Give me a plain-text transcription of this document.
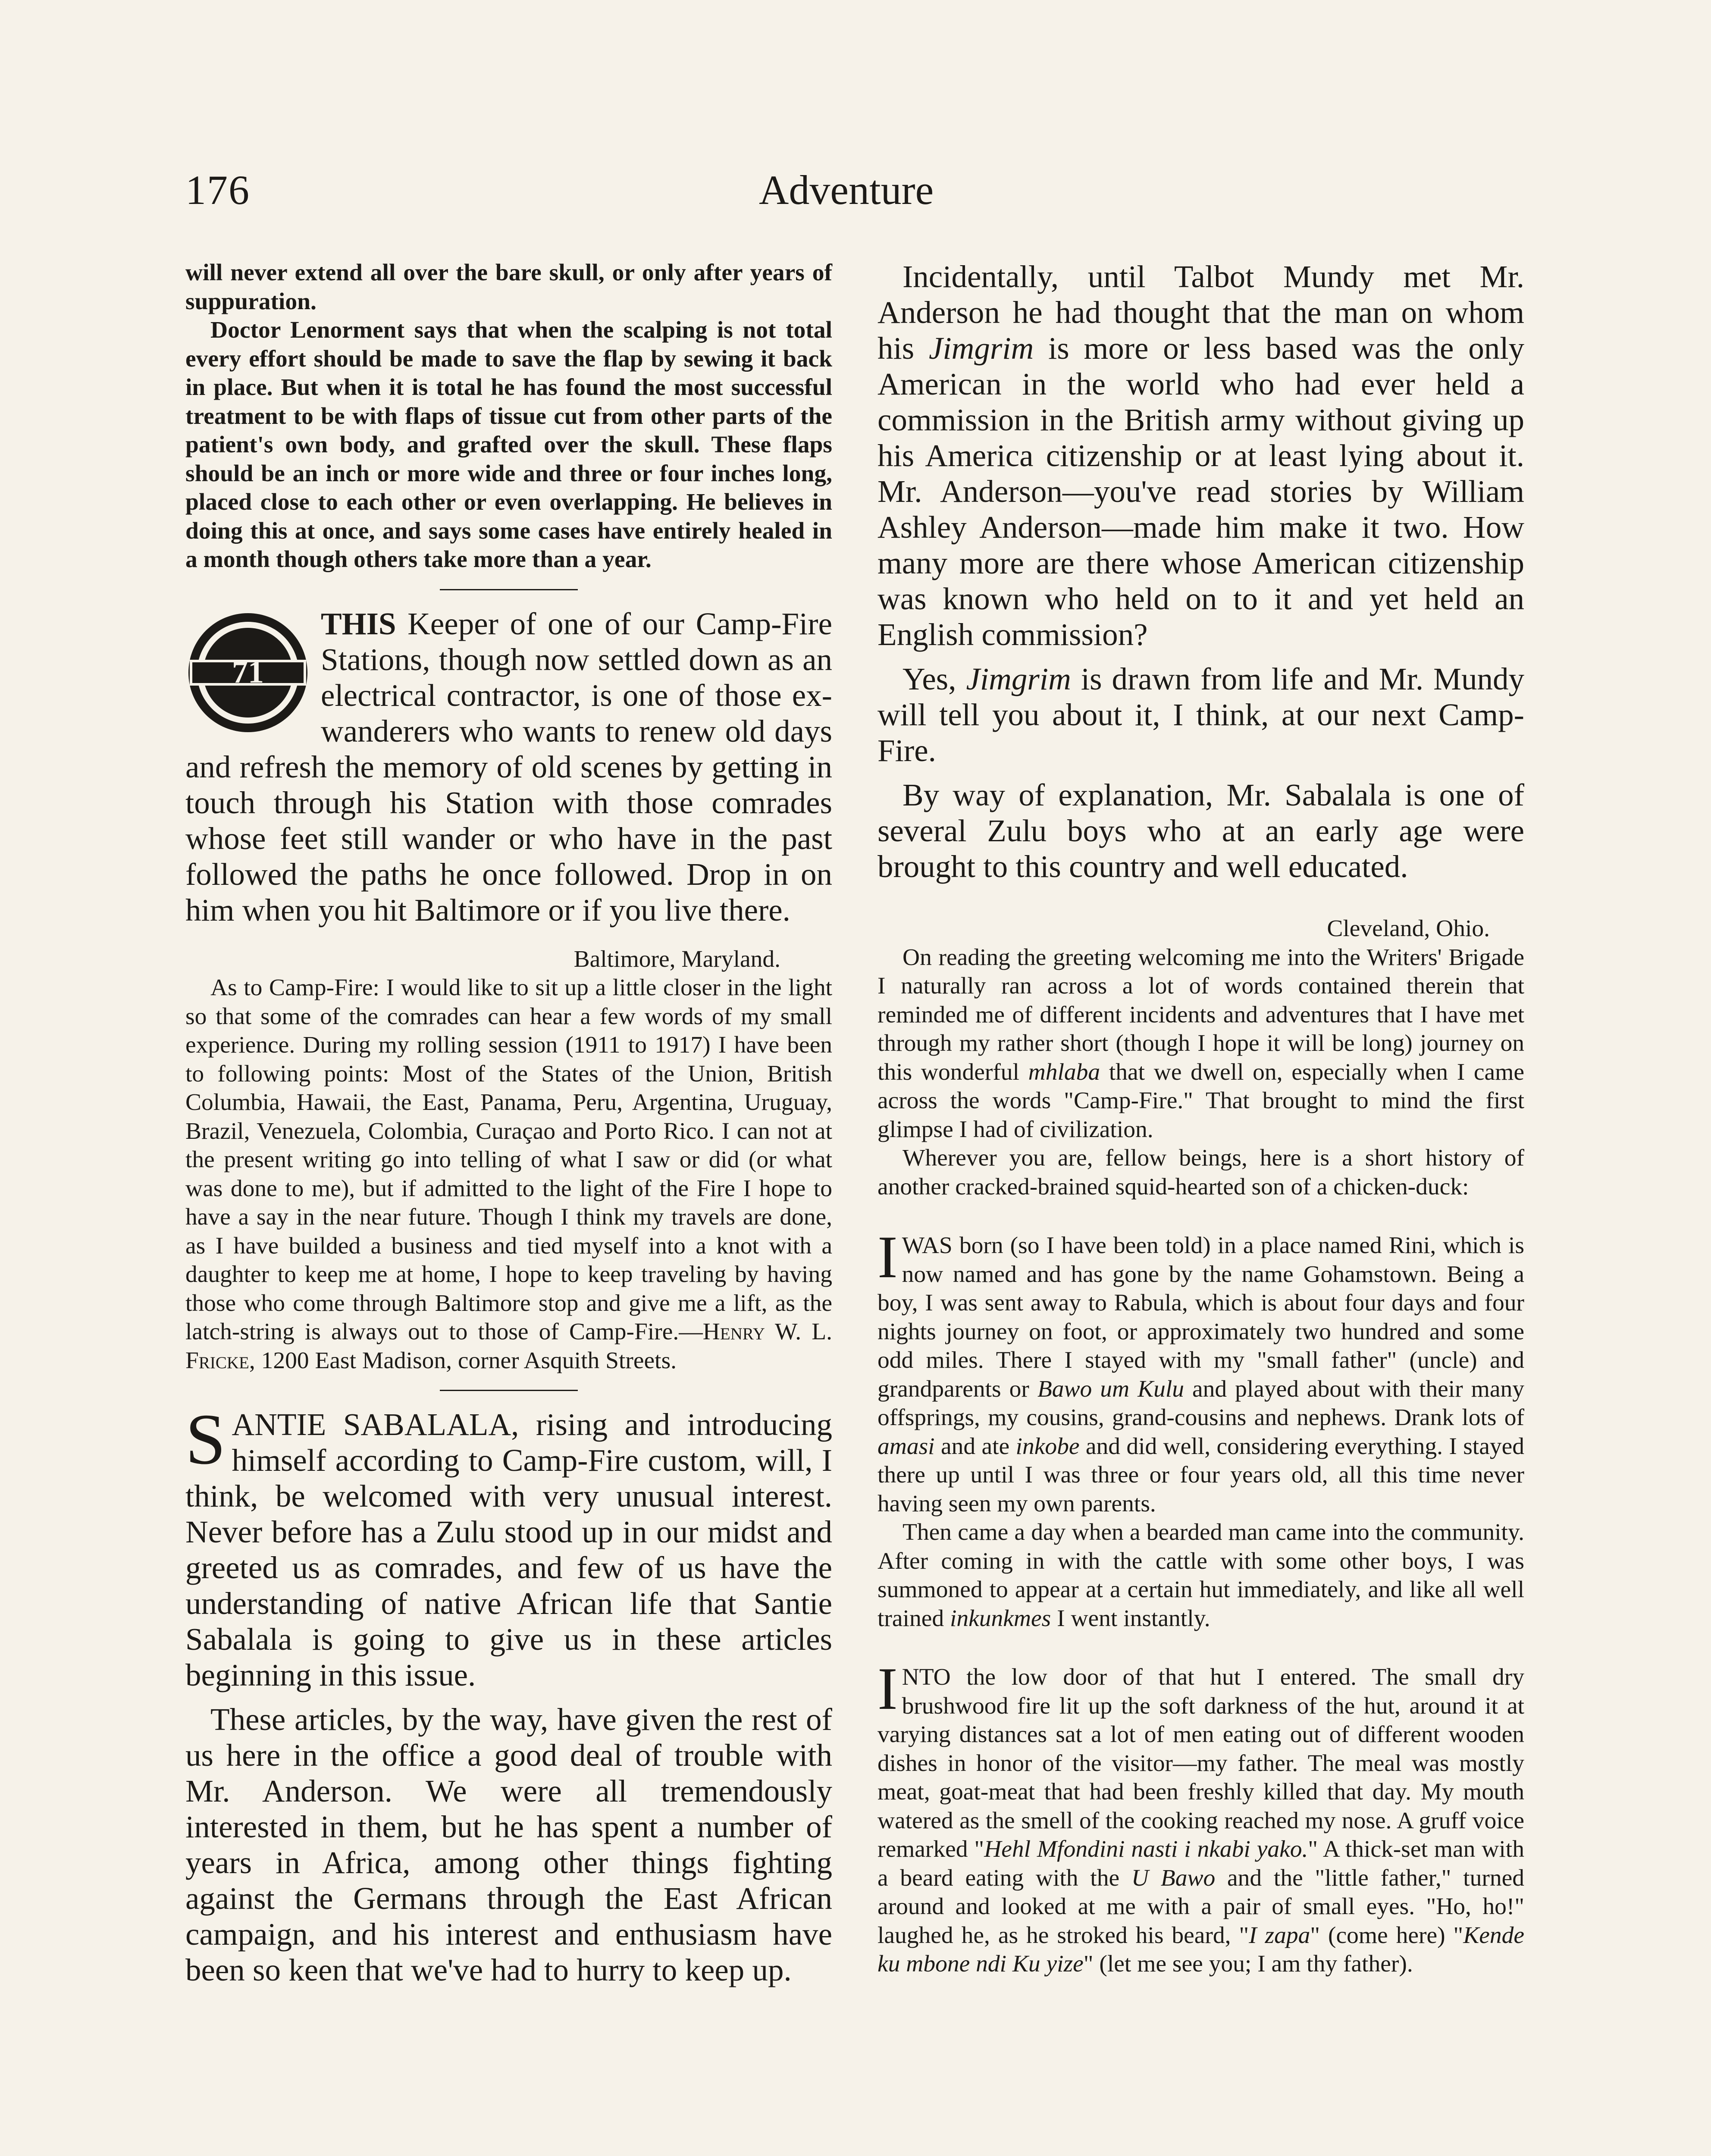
176	Adventure

will never extend all over the bare skull, or only after years of suppuration.

Doctor Lenorment says that when the scalping is not total every effort should be made to save the flap by sewing it back in place. But when it is total he has found the most successful treatment to be with flaps of tissue cut from other parts of the patient's own body, and grafted over the skull. These flaps should be an inch or more wide and three or four inches long, placed close to each other or even overlapping. He believes in doing this at once, and says some cases have entirely healed in a month though others take more than a year.

71

THIS Keeper of one of our Camp-Fire Stations, though now settled down as an electrical contractor, is one of those ex-wanderers who wants to renew old days and refresh the memory of old scenes by getting in touch through his Station with those comrades whose feet still wander or who have in the past followed the paths he once followed. Drop in on him when you hit Baltimore or if you live there.

Baltimore, Maryland.

As to Camp-Fire: I would like to sit up a little closer in the light so that some of the comrades can hear a few words of my small experience. During my rolling session (1911 to 1917) I have been to following points: Most of the States of the Union, British Columbia, Hawaii, the East, Panama, Peru, Argentina, Uruguay, Brazil, Venezuela, Colombia, Curaçao and Porto Rico. I can not at the present writing go into telling of what I saw or did (or what was done to me), but if admitted to the light of the Fire I hope to have a say in the near future. Though I think my travels are done, as I have builded a business and tied myself into a knot with a daughter to keep me at home, I hope to keep traveling by having those who come through Baltimore stop and give me a lift, as the latch-string is always out to those of Camp-Fire.—Henry W. L. Fricke, 1200 East Madison, corner Asquith Streets.

SANTIE SABALALA, rising and introducing himself according to Camp-Fire custom, will, I think, be welcomed with very unusual interest. Never before has a Zulu stood up in our midst and greeted us as comrades, and few of us have the understanding of native African life that Santie Sabalala is going to give us in these articles beginning in this issue.

These articles, by the way, have given the rest of us here in the office a good deal of trouble with Mr. Anderson. We were all tremendously interested in them, but he has spent a number of years in Africa, among other things fighting against the Germans through the East African campaign, and his interest and enthusiasm have been so keen that we've had to hurry to keep up.

Incidentally, until Talbot Mundy met Mr. Anderson he had thought that the man on whom his Jimgrim is more or less based was the only American in the world who had ever held a commission in the British army without giving up his America citizenship or at least lying about it. Mr. Anderson—you've read stories by William Ashley Anderson—made him make it two. How many more are there whose American citizenship was known who held on to it and yet held an English commission?

Yes, Jimgrim is drawn from life and Mr. Mundy will tell you about it, I think, at our next Camp-Fire.

By way of explanation, Mr. Sabalala is one of several Zulu boys who at an early age were brought to this country and well educated.

Cleveland, Ohio.

On reading the greeting welcoming me into the Writers' Brigade I naturally ran across a lot of words contained therein that reminded me of different incidents and adventures that I have met through my rather short (though I hope it will be long) journey on this wonderful mhlaba that we dwell on, especially when I came across the words "Camp-Fire." That brought to mind the first glimpse I had of civilization.

Wherever you are, fellow beings, here is a short history of another cracked-brained squid-hearted son of a chicken-duck:

I WAS born (so I have been told) in a place named Rini, which is now named and has gone by the name Gohamstown. Being a boy, I was sent away to Rabula, which is about four days and four nights journey on foot, or approximately two hundred and some odd miles. There I stayed with my "small father" (uncle) and grandparents or Bawo um Kulu and played about with their many offsprings, my cousins, grand-cousins and nephews. Drank lots of amasi and ate inkobe and did well, considering everything. I stayed there up until I was three or four years old, all this time never having seen my own parents.

Then came a day when a bearded man came into the community. After coming in with the cattle with some other boys, I was summoned to appear at a certain hut immediately, and like all well trained inkunkmes I went instantly.

INTO the low door of that hut I entered. The small dry brushwood fire lit up the soft darkness of the hut, around it at varying distances sat a lot of men eating out of different wooden dishes in honor of the visitor—my father. The meal was mostly meat, goat-meat that had been freshly killed that day. My mouth watered as the smell of the cooking reached my nose. A gruff voice remarked "Hehl Mfondini nasti i nkabi yako." A thick-set man with a beard eating with the U Bawo and the "little father," turned around and looked at me with a pair of small eyes. "Ho, ho!" laughed he, as he stroked his beard, "I zapa" (come here) "Kende ku mbone ndi Ku yize" (let me see you; I am thy father).
